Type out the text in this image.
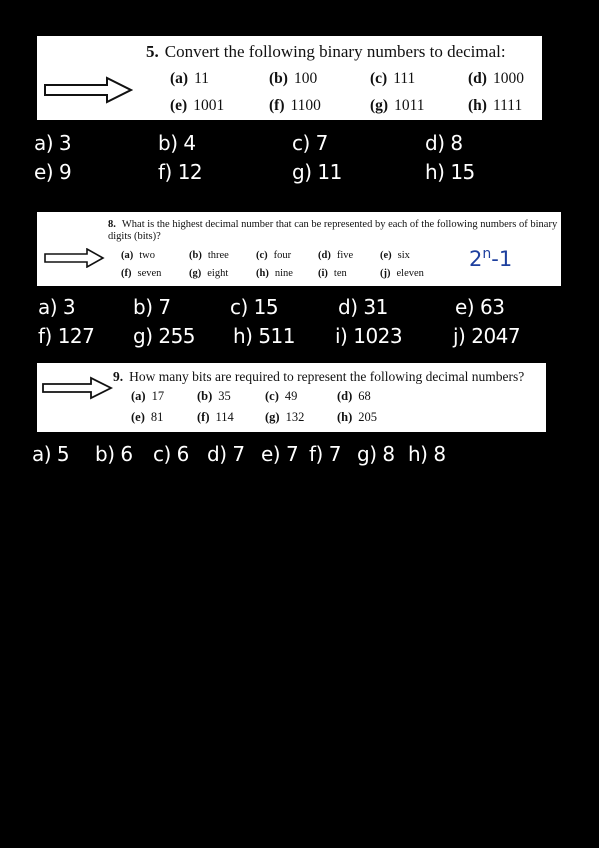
5. Convert the following binary numbers to decimal:
(a) 11	(b) 100	(c) 111	(d) 1000
(e) 1001	(f) 1100	(g) 1011	(h) 1111
a) 3	b) 4	c) 7	d) 8
e) 9	f) 12	g) 11	h) 15
8. What is the highest decimal number that can be represented by each of the following numbers of binary digits (bits)?
(a) two	(b) three	(c) four	(d) five	(e) six
(f) seven	(g) eight	(h) nine (i) ten	(j) eleven
2$^n$-1
a) 3	b) 7	c) 15	d) 31	e) 63
f) 127 g) 255 h) 511 i) 1023	j) 2047
9. How many bits are required to represent the following decimal numbers?
(a) 17	(b) 35	(c) 49	(d) 68
(e) 81	(f) 114 (g) 132	(h) 205
a) 5 b) 6 c) 6 d) 7 e) 7 f) 7 g) 8 h) 8
